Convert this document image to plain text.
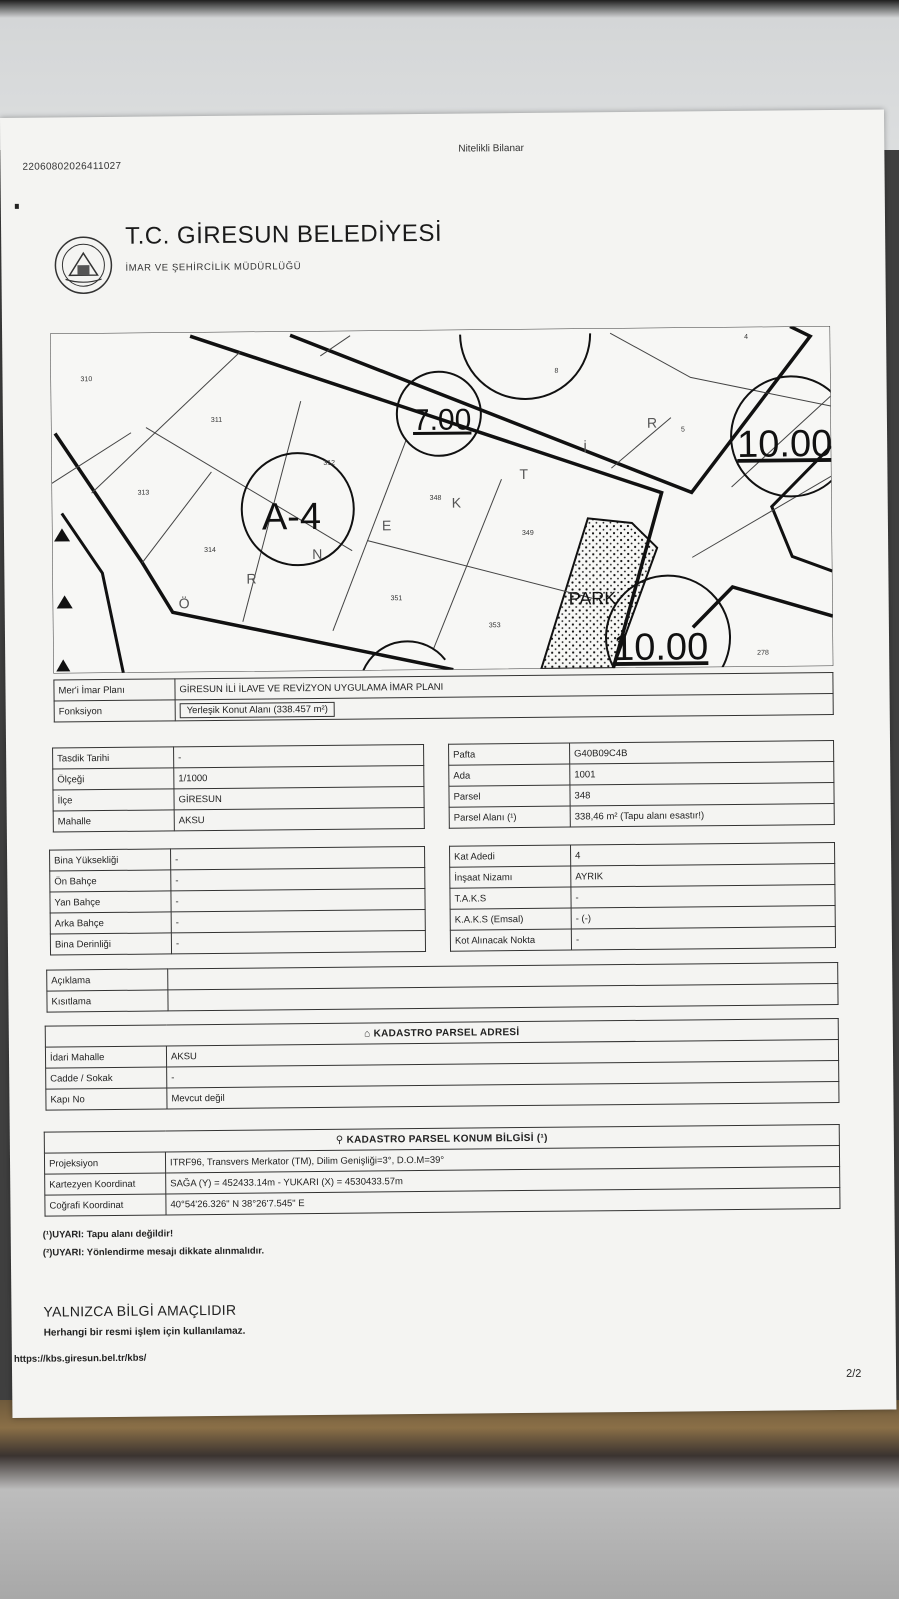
22060802026411027
Nitelikli Bilanar
T.C. GİRESUN BELEDİYESİ
İMAR VE ŞEHİRCİLİK MÜDÜRLÜĞÜ
A-4
7.00
10.00
10.00
PARK
310
311
312
313
314
348
349
351
353
278
4
5
8
Ö
R
N
E
K
T
İ
R
Mer'i İmar Planı	GİRESUN İLİ İLAVE VE REVİZYON UYGULAMA İMAR PLANI
Fonksiyon	Yerleşik Konut Alanı (338.457 m²)
Tasdik Tarihi	-
Ölçeği	1/1000
İlçe	GİRESUN
Mahalle	AKSU
Pafta	G40B09C4B
Ada	1001
Parsel	348
Parsel Alanı (¹)	338,46 m² (Tapu alanı esastır!)
Bina Yüksekliği	-
Ön Bahçe	-
Yan Bahçe	-
Arka Bahçe	-
Bina Derinliği	-
Kat Adedi	4
İnşaat Nizamı	AYRIK
T.A.K.S	-
K.A.K.S (Emsal)	- (-)
Kot Alınacak Nokta	-
Açıklama	
Kısıtlama	
⌂ KADASTRO PARSEL ADRESİ	
İdari Mahalle	AKSU
Cadde / Sokak	-
Kapı No	Mevcut değil
⚲ KADASTRO PARSEL KONUM BİLGİSİ (¹)	
Projeksiyon	ITRF96, Transvers Merkator (TM), Dilim Genişliği=3°, D.O.M=39°
Kartezyen Koordinat	SAĞA (Y) = 452433.14m - YUKARI (X) = 4530433.57m
Coğrafi Koordinat	40°54'26.326" N 38°26'7.545" E
(¹)UYARI: Tapu alanı değildir!
(²)UYARI: Yönlendirme mesajı dikkate alınmalıdır.
YALNIZCA BİLGİ AMAÇLIDIR
Herhangi bir resmi işlem için kullanılamaz.
https://kbs.giresun.bel.tr/kbs/
2/2
